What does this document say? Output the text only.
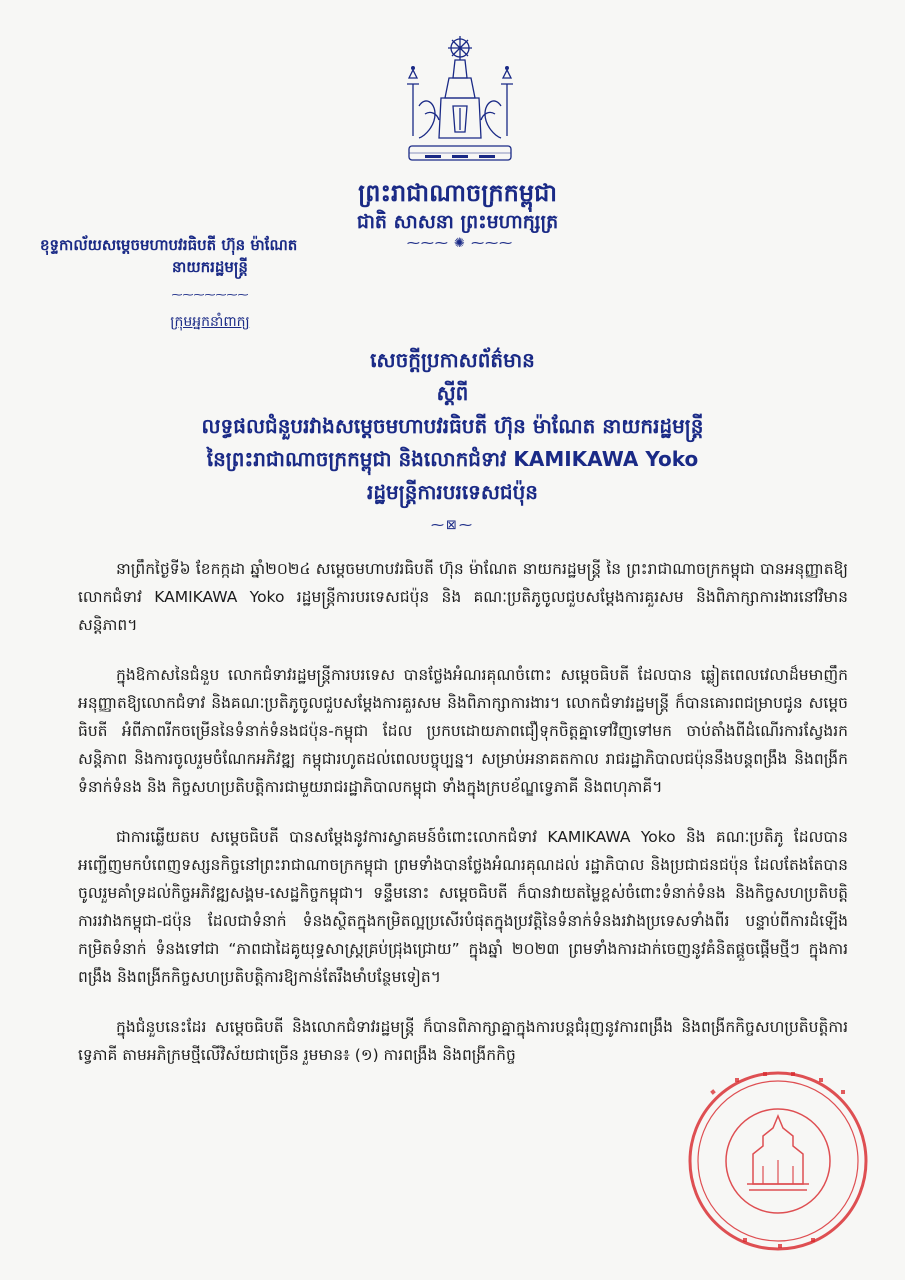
ព្រះរាជាណាចក្រកម្ពុជា
ជាតិ សាសនា ព្រះមហាក្សត្រ
⁓⁓⁓ ✺ ⁓⁓⁓
ខុទ្ទកាល័យសម្តេចមហាបវរធិបតី ហ៊ុន ម៉ាណែត
នាយករដ្ឋមន្ត្រី
⁓⁓⁓⁓⁓⁓⁓
ក្រុមអ្នកនាំពាក្យ
សេចក្តីប្រកាសព័ត៌មាន
ស្តីពី
លទ្ធផលជំនួបរវាងសម្តេចមហាបវរធិបតី ហ៊ុន ម៉ាណែត នាយករដ្ឋមន្ត្រី
នៃព្រះរាជាណាចក្រកម្ពុជា និងលោកជំទាវ KAMIKAWA Yoko
រដ្ឋមន្ត្រីការបរទេសជប៉ុន
⁓⊠⁓

នាព្រឹកថ្ងៃទី៦ ខែកក្កដា ឆ្នាំ២០២៤ សម្តេចមហាបវរធិបតី ហ៊ុន ម៉ាណែត នាយករដ្ឋមន្ត្រី នៃ ព្រះរាជាណាចក្រកម្ពុជា បានអនុញ្ញាតឱ្យលោកជំទាវ KAMIKAWA Yoko រដ្ឋមន្ត្រីការបរទេសជប៉ុន និង គណៈប្រតិភូចូលជួបសម្តែងការគួរសម និងពិភាក្សាការងារនៅវិមានសន្តិភាព។

ក្នុងឱកាសនៃជំនួប លោកជំទាវរដ្ឋមន្ត្រីការបរទេស បានថ្លែងអំណរគុណចំពោះ សម្តេចធិបតី ដែលបាន ឆ្លៀតពេលវេលាដ៏មមាញឹកអនុញ្ញាតឱ្យលោកជំទាវ និងគណៈប្រតិភូចូលជួបសម្តែងការគួរសម និងពិភាក្សាការងារ។ លោកជំទាវរដ្ឋមន្ត្រី ក៏បានគោរពជម្រាបជូន សម្តេចធិបតី អំពីភាពរីកចម្រើននៃទំនាក់ទំនងជប៉ុន-កម្ពុជា ដែល ប្រកបដោយភាពជឿទុកចិត្តគ្នាទៅវិញទៅមក ចាប់តាំងពីដំណើរការស្វែងរកសន្តិភាព និងការចូលរួមចំណែកអភិវឌ្ឍ កម្ពុជារហូតដល់ពេលបច្ចុប្បន្ន។ សម្រាប់អនាគតកាល រាជរដ្ឋាភិបាលជប៉ុននឹងបន្តពង្រឹង និងពង្រីកទំនាក់ទំនង និង កិច្ចសហប្រតិបត្តិការជាមួយរាជរដ្ឋាភិបាលកម្ពុជា ទាំងក្នុងក្របខ័ណ្ឌទ្វេភាគី និងពហុភាគី។

ជាការឆ្លើយតប សម្តេចធិបតី បានសម្តែងនូវការស្វាគមន៍ចំពោះលោកជំទាវ KAMIKAWA Yoko និង គណៈប្រតិភូ ដែលបានអញ្ជើញមកបំពេញទស្សនកិច្ចនៅព្រះរាជាណាចក្រកម្ពុជា ព្រមទាំងបានថ្លែងអំណរគុណដល់ រដ្ឋាភិបាល និងប្រជាជនជប៉ុន ដែលតែងតែបានចូលរួមគាំទ្រដល់កិច្ចអភិវឌ្ឍសង្គម-សេដ្ឋកិច្ចកម្ពុជា។ ទន្ទឹមនោះ សម្តេចធិបតី ក៏បានវាយតម្លៃខ្ពស់ចំពោះទំនាក់ទំនង និងកិច្ចសហប្រតិបត្តិការរវាងកម្ពុជា-ជប៉ុន ដែលជាទំនាក់ ទំនងស្ថិតក្នុងកម្រិតល្អប្រសើរបំផុតក្នុងប្រវត្តិនៃទំនាក់ទំនងរវាងប្រទេសទាំងពីរ បន្ទាប់ពីការដំឡើងកម្រិតទំនាក់ ទំនងទៅជា “ភាពជាដៃគូយុទ្ធសាស្ត្រគ្រប់ជ្រុងជ្រោយ” ក្នុងឆ្នាំ ២០២៣ ព្រមទាំងការដាក់ចេញនូវគំនិតផ្តួចផ្តើមថ្មីៗ ក្នុងការពង្រឹង និងពង្រីកកិច្ចសហប្រតិបត្តិការឱ្យកាន់តែរឹងមាំបន្ថែមទៀត។

ក្នុងជំនួបនេះដែរ សម្តេចធិបតី និងលោកជំទាវរដ្ឋមន្ត្រី ក៏បានពិភាក្សាគ្នាក្នុងការបន្តជំរុញនូវការពង្រឹង និងពង្រីកកិច្ចសហប្រតិបត្តិការទ្វេភាគី តាមអភិក្រមថ្មីលើវិស័យជាច្រើន រួមមាន៖ (១) ការពង្រឹង និងពង្រីកកិច្ច
